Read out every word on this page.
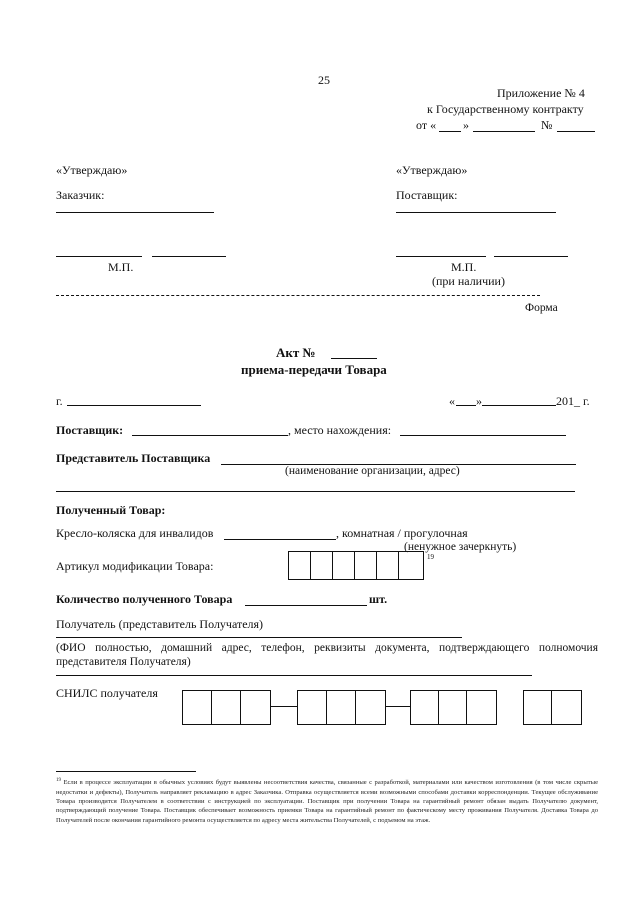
25
Приложение № 4
к Государственному контракту
от « »	№
«Утверждаю»
Заказчик:
М.П.
«Утверждаю»
Поставщик:
М.П.
(при наличии)
Форма
Акт №
приема-передачи Товара
г.	« »	201_ г.
Поставщик:	, место нахождения:
Представитель Поставщика
(наименование организации, адрес)
Полученный Товар:
Кресло-коляска для инвалидов	, комнатная / прогулочная
(ненужное зачеркнуть)
Артикул модификации Товара:
19
Количество полученного Товара	шт.
Получатель (представитель Получателя)
(ФИО полностью, домашний адрес, телефон, реквизиты документа, подтверждающего полномочия представителя Получателя)
СНИЛС получателя
$^{19}$ Если в процессе эксплуатации в обычных условиях будут выявлены несоответствия качества, связанные с разработкой, материалами или качеством изготовления (в том числе скрытые недостатки и дефекты), Получатель направляет рекламацию в адрес Заказчика. Отправка осуществляется всеми возможными способами доставки корреспонденции. Текущее обслуживание Товара производится Получателем в соответствии с инструкцией по эксплуатации. Поставщик при получении Товара на гарантийный ремонт обязан выдать Получателю документ, подтверждающий получение Товара. Поставщик обеспечивает возможность приемки Товара на гарантийный ремонт по фактическому месту проживания Получателя. Доставка Товара до Получателей после окончания гарантийного ремонта осуществляется по адресу места жительства Получателей, с подъемом на этаж.
